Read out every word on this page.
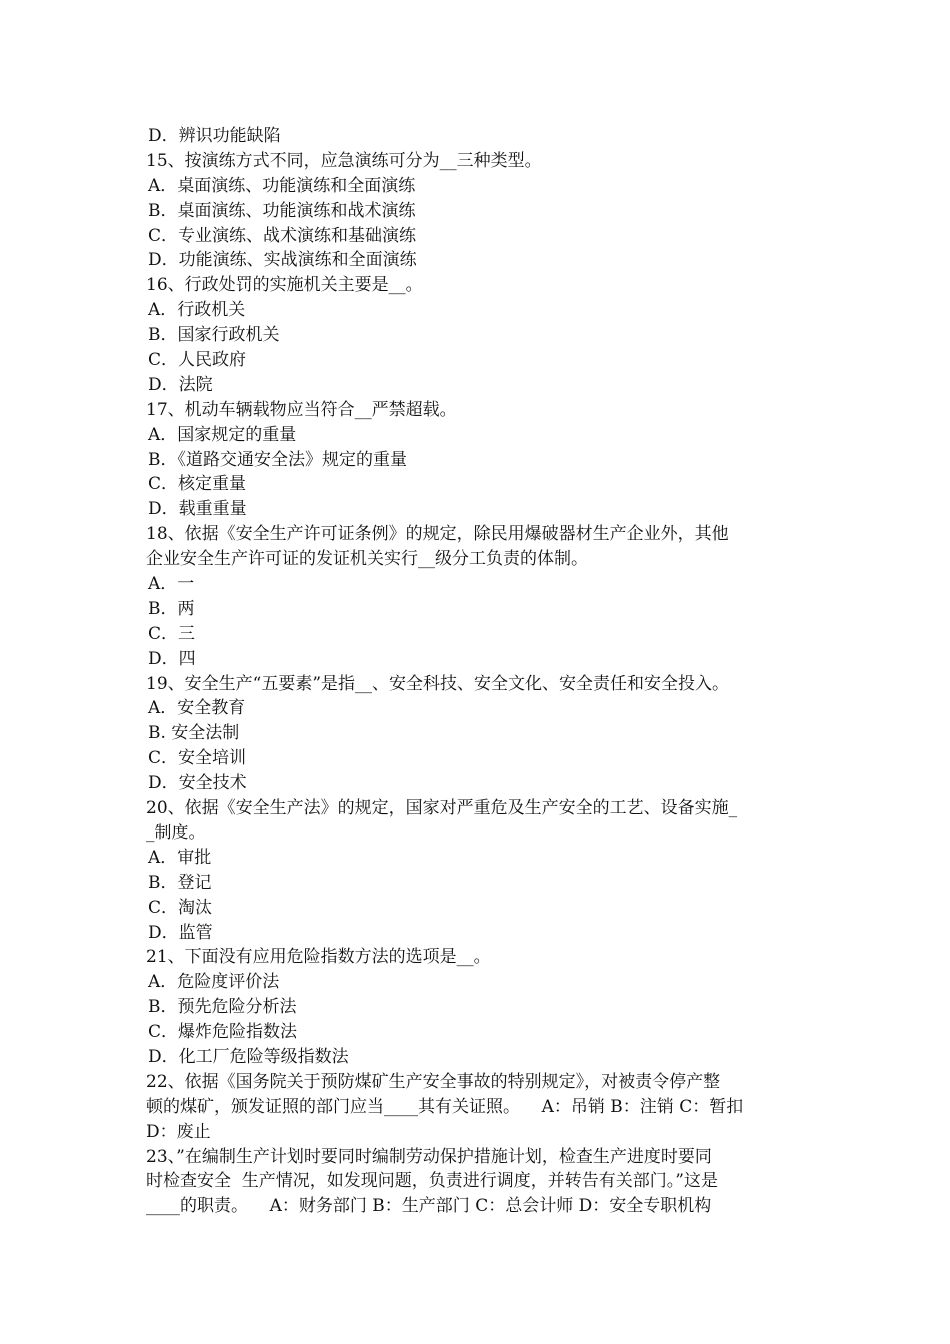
D．辨识功能缺陷
15、按演练方式不同，应急演练可分为__三种类型。
A．桌面演练、功能演练和全面演练
B．桌面演练、功能演练和战术演练
C．专业演练、战术演练和基础演练
D．功能演练、实战演练和全面演练
16、行政处罚的实施机关主要是__。
A．行政机关
B．国家行政机关
C．人民政府
D．法院
17、机动车辆载物应当符合__严禁超载。
A．国家规定的重量
B．《道路交通安全法》规定的重量
C．核定重量
D．载重重量
18、依据《安全生产许可证条例》的规定，除民用爆破器材生产企业外，其他
企业安全生产许可证的发证机关实行__级分工负责的体制。
A．一
B．两
C．三
D．四
19、安全生产“五要素”是指__、安全科技、安全文化、安全责任和安全投入。
A．安全教育
B. 安全法制
C．安全培训
D．安全技术
20、依据《安全生产法》的规定，国家对严重危及生产安全的工艺、设备实施_
_制度。
A．审批
B．登记
C．淘汰
D．监管
21、下面没有应用危险指数方法的选项是__。
A．危险度评价法
B．预先危险分析法
C．爆炸危险指数法
D．化工厂危险等级指数法
22、依据《国务院关于预防煤矿生产安全事故的特别规定》，对被责令停产整
顿的煤矿，颁发证照的部门应当____其有关证照。    A：吊销 B：注销 C：暂扣
D：废止
23、”在编制生产计划时要同时编制劳动保护措施计划，检查生产进度时要同
时检查安全  生产情况，如发现问题，负责进行调度，并转告有关部门。”这是
____的职责。    A：财务部门 B：生产部门 C：总会计师 D：安全专职机构
